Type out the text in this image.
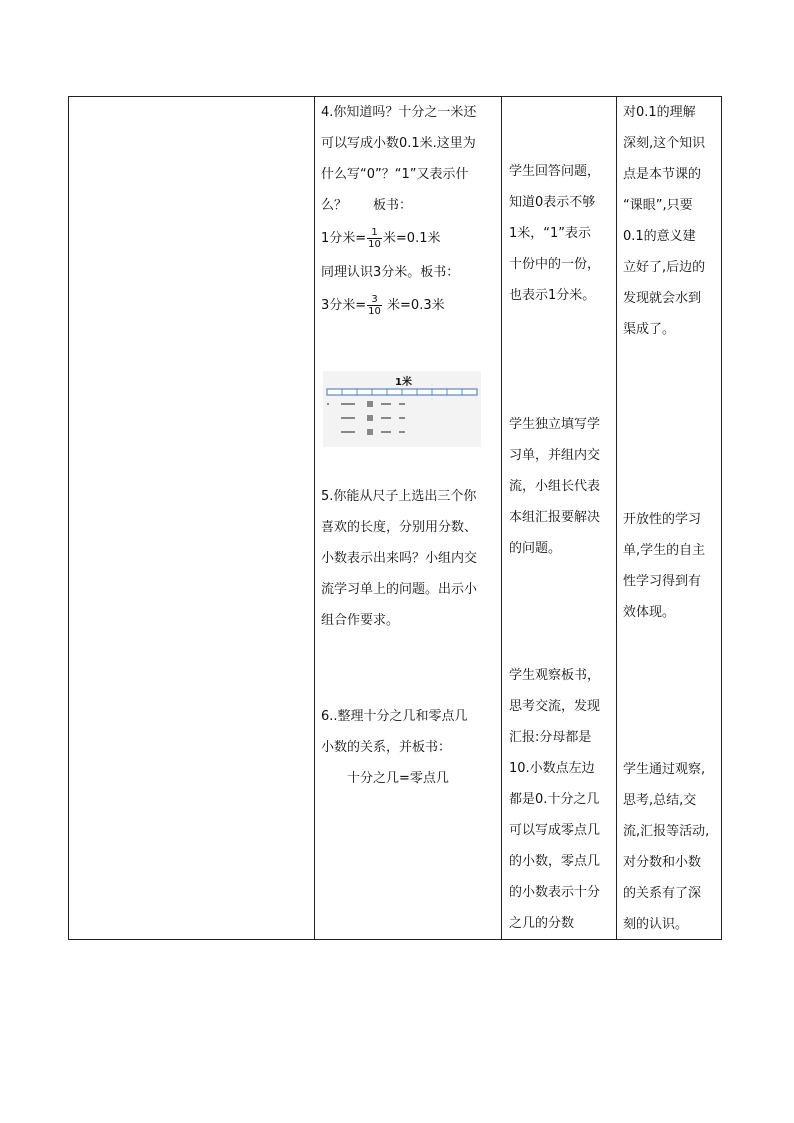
4.你知道吗？十分之一米还
可以写成小数0.1米.这里为
什么写“0”？“1”又表示什
么？　　板书：
1分米= $\frac{1}{10}$ 米=0.1米
同理认识3分米。板书：
3分米= $\frac{3}{10}$ 米=0.3米
1米
5.你能从尺子上选出三个你
喜欢的长度，分别用分数、
小数表示出来吗？小组内交
流学习单上的问题。出示小
组合作要求。
6..整理十分之几和零点几
小数的关系，并板书：
　　十分之几=零点几
学生回答问题，
知道0表示不够
1米，“1”表示
十份中的一份，
也表示1分米。
学生独立填写学
习单，并组内交
流，小组长代表
本组汇报要解决
的问题。
学生观察板书，
思考交流，发现
汇报:分母都是
10.小数点左边
都是0.十分之几
可以写成零点几
的小数，零点几
的小数表示十分
之几的分数
对0.1的理解
深刻,这个知识
点是本节课的
“课眼”,只要
0.1的意义建
立好了,后边的
发现就会水到
渠成了。
开放性的学习
单,学生的自主
性学习得到有
效体现。
学生通过观察,
思考,总结,交
流,汇报等活动,
对分数和小数
的关系有了深
刻的认识。
